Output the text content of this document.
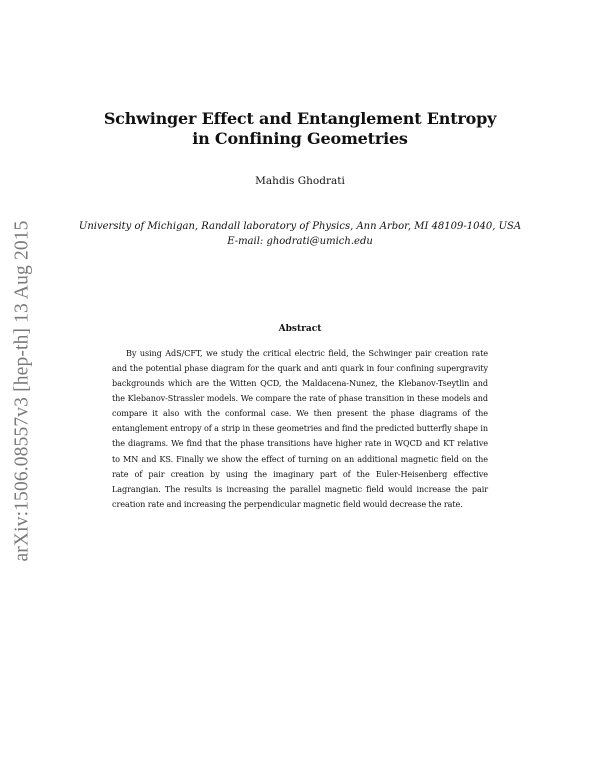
arXiv:1506.08557v3 [hep-th] 13 Aug 2015
Schwinger Effect and Entanglement Entropy
in Confining Geometries
Mahdis Ghodrati
University of Michigan, Randall laboratory of Physics, Ann Arbor, MI 48109-1040, USA
E-mail: ghodrati@umich.edu
Abstract

By using AdS/CFT, we study the critical electric field, the Schwinger pair creation rate and the potential phase diagram for the quark and anti quark in four confining supergravity backgrounds which are the Witten QCD, the Maldacena-Nunez, the Klebanov-Tseytlin and the Klebanov-Strassler models. We compare the rate of phase transition in these models and compare it also with the conformal case. We then present the phase diagrams of the entanglement entropy of a strip in these geometries and find the predicted butterfly shape in the diagrams. We find that the phase transitions have higher rate in WQCD and KT relative to MN and KS. Finally we show the effect of turning on an additional magnetic field on the rate of pair creation by using the imaginary part of the Euler-Heisenberg effective Lagrangian. The results is increasing the parallel magnetic field would increase the pair creation rate and increasing the perpendicular magnetic field would decrease the rate.
